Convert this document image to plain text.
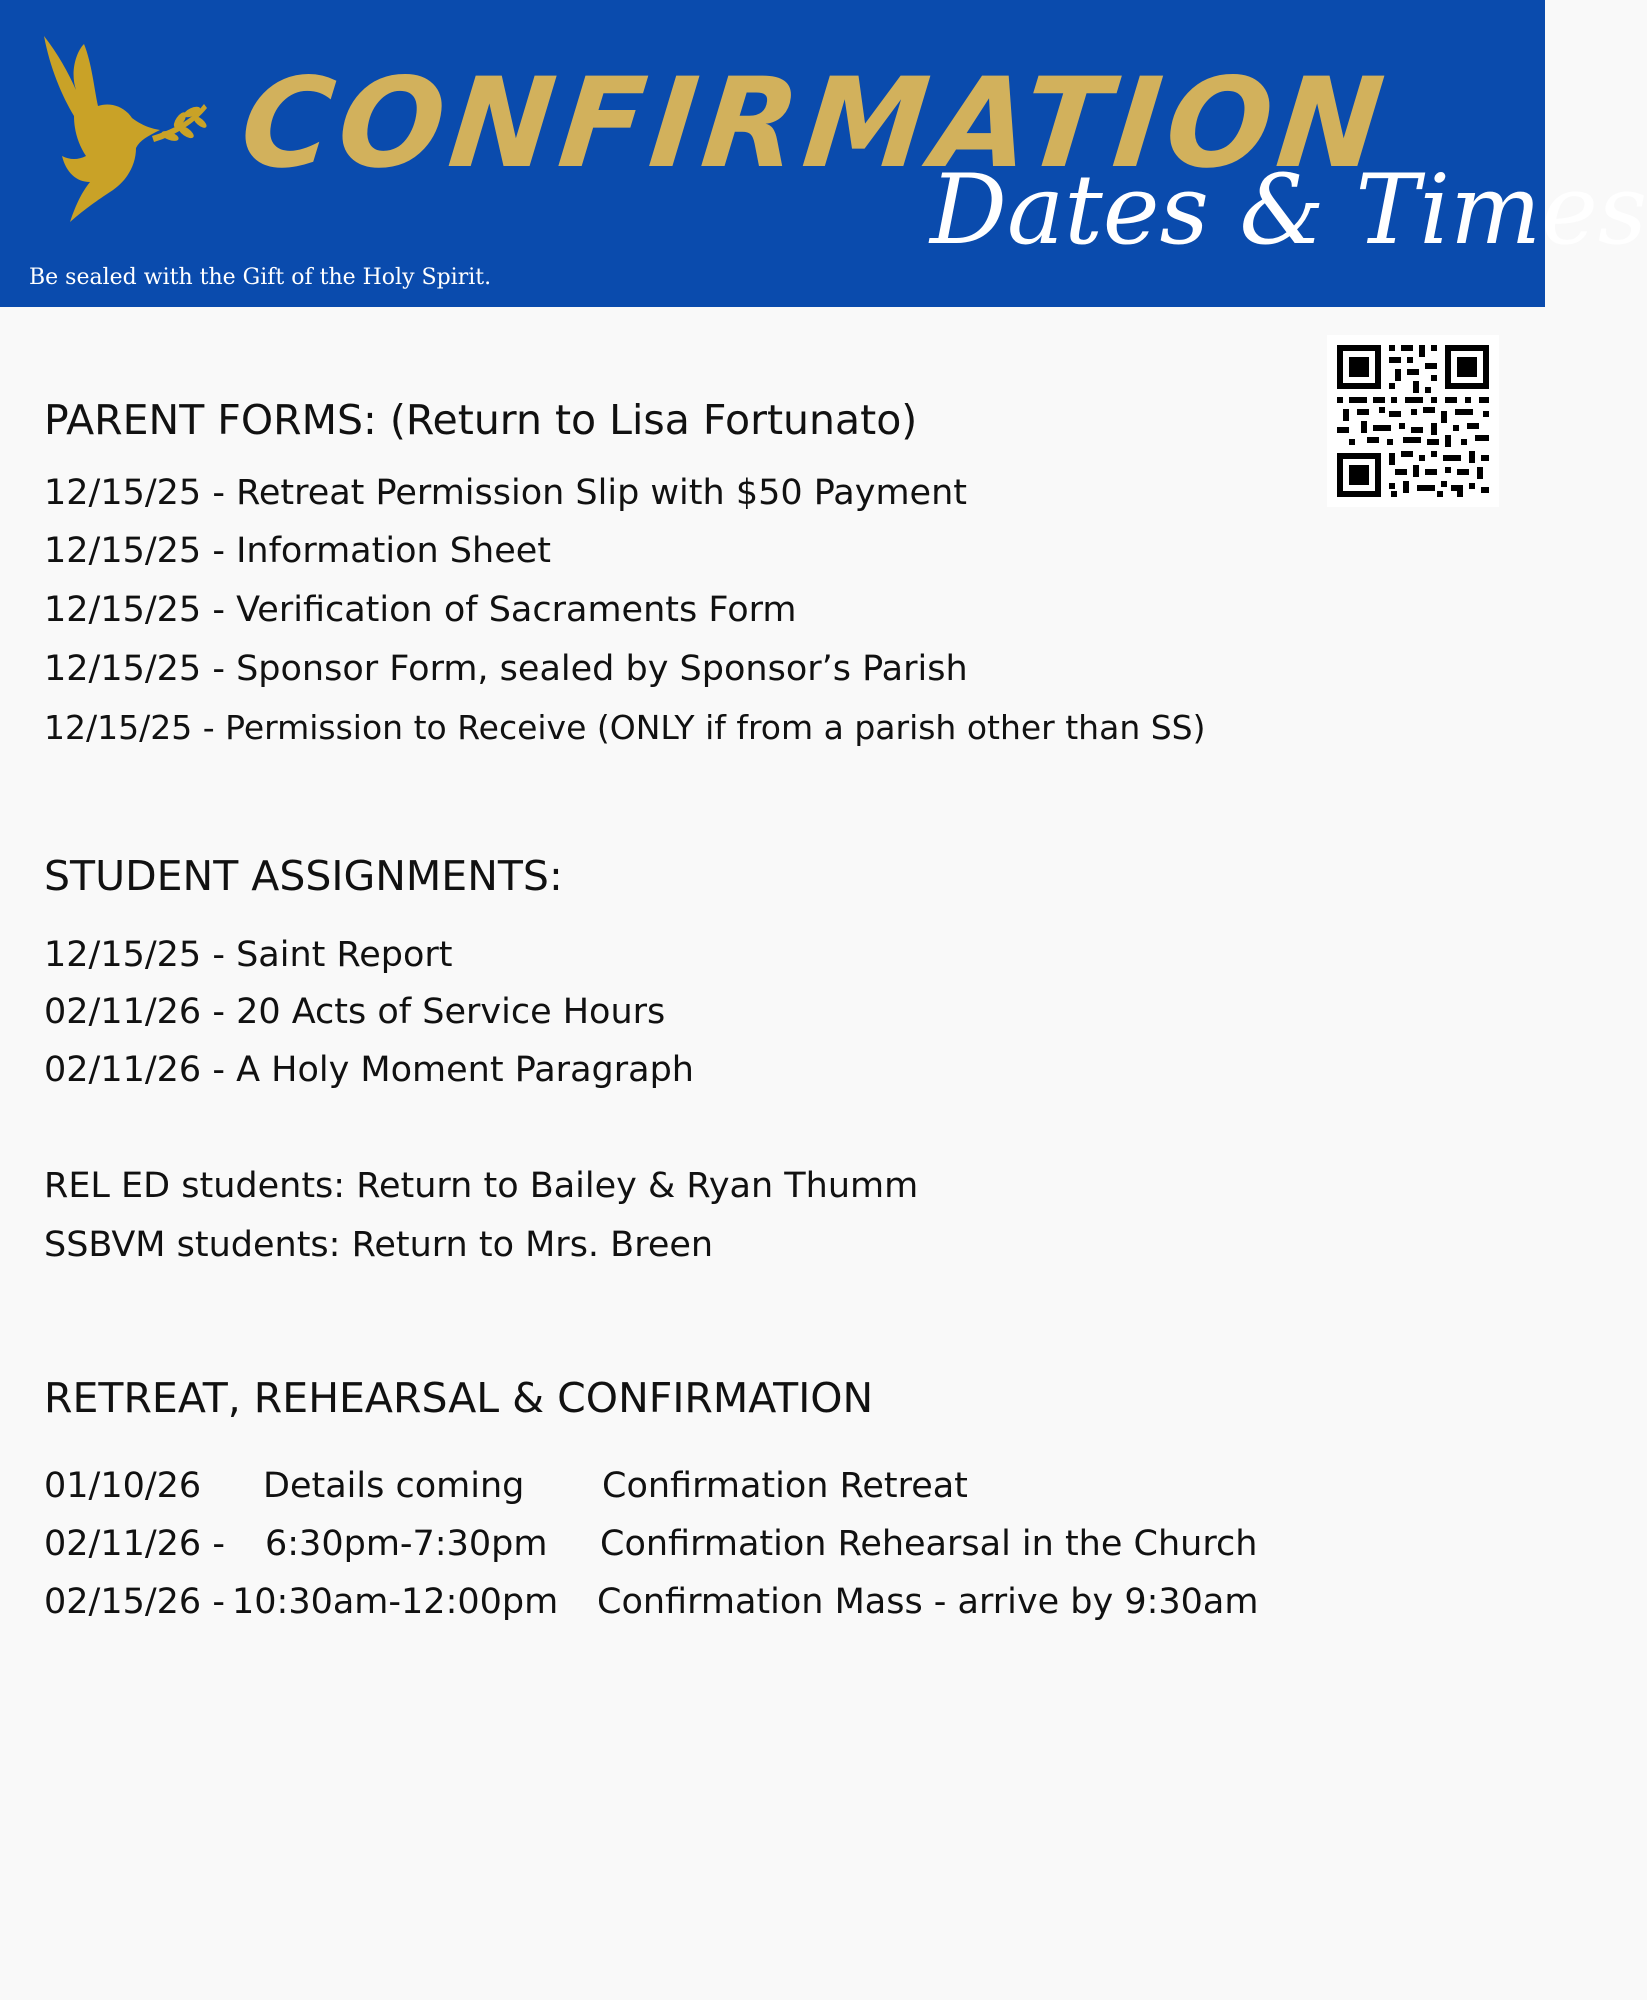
CONFIRMATION
Dates & Times
Be sealed with the Gift of the Holy Spirit.
PARENT FORMS: (Return to Lisa Fortunato)
12/15/25 - Retreat Permission Slip with $50 Payment
12/15/25 - Information Sheet
12/15/25 - Verification of Sacraments Form
12/15/25 - Sponsor Form, sealed by Sponsor’s Parish
12/15/25 - Permission to Receive (ONLY if from a parish other than SS)
STUDENT ASSIGNMENTS:
12/15/25 - Saint Report
02/11/26 - 20 Acts of Service Hours
02/11/26 - A Holy Moment Paragraph
REL ED students: Return to Bailey & Ryan Thumm
SSBVM students: Return to Mrs. Breen
RETREAT, REHEARSAL & CONFIRMATION
01/10/26 Details coming Confirmation Retreat
02/11/26 - 6:30pm-7:30pm Confirmation Rehearsal in the Church
02/15/26 - 10:30am-12:00pm Confirmation Mass - arrive by 9:30am
